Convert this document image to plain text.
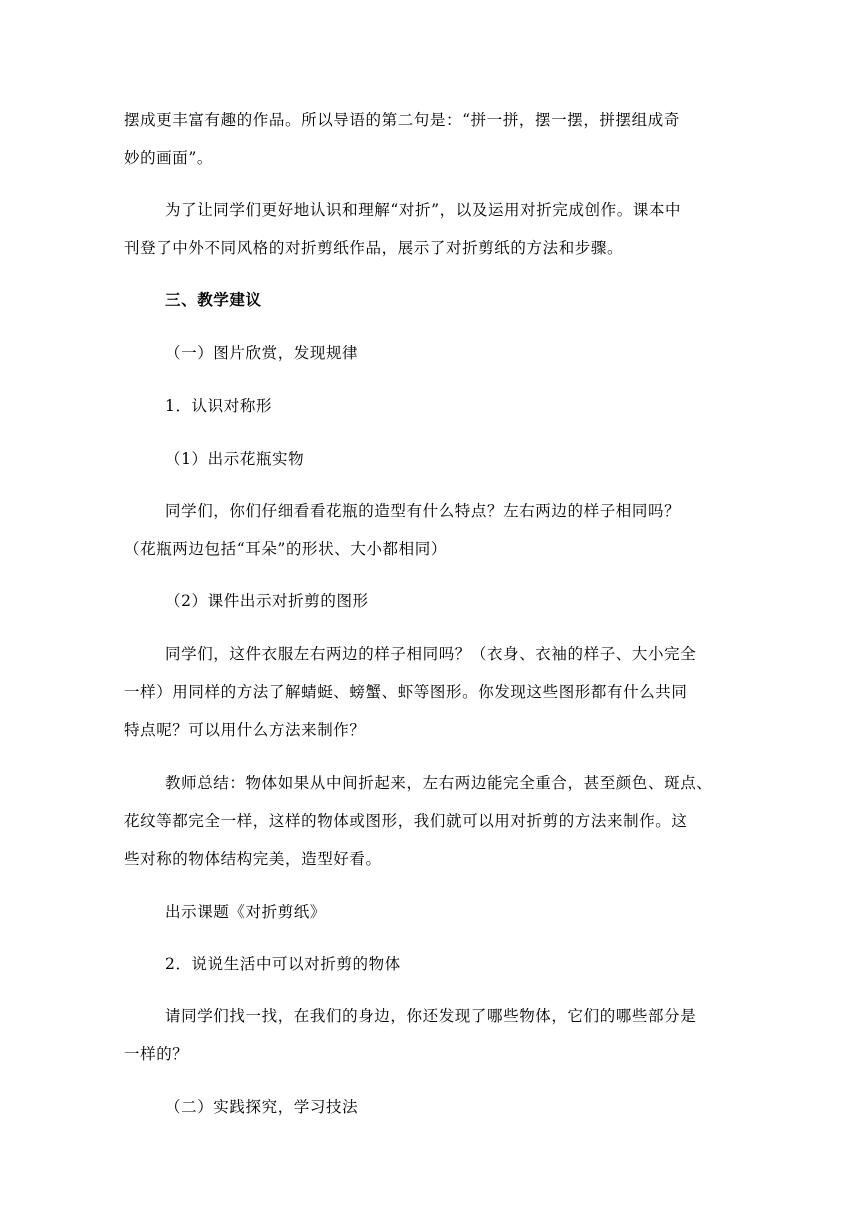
摆成更丰富有趣的作品。所以导语的第二句是：“拼一拼，摆一摆，拼摆组成奇
妙的画面”。
为了让同学们更好地认识和理解“对折”，以及运用对折完成创作。课本中
刊登了中外不同风格的对折剪纸作品，展示了对折剪纸的方法和步骤。
三、教学建议
（一）图片欣赏，发现规律
1．认识对称形
（1）出示花瓶实物
同学们，你们仔细看看花瓶的造型有什么特点？左右两边的样子相同吗？
（花瓶两边包括“耳朵”的形状、大小都相同）
（2）课件出示对折剪的图形
同学们，这件衣服左右两边的样子相同吗？（衣身、衣袖的样子、大小完全
一样）用同样的方法了解蜻蜓、螃蟹、虾等图形。你发现这些图形都有什么共同
特点呢？可以用什么方法来制作？
教师总结：物体如果从中间折起来，左右两边能完全重合，甚至颜色、斑点、
花纹等都完全一样，这样的物体或图形，我们就可以用对折剪的方法来制作。这
些对称的物体结构完美，造型好看。
出示课题《对折剪纸》
2．说说生活中可以对折剪的物体
请同学们找一找，在我们的身边，你还发现了哪些物体，它们的哪些部分是
一样的？
（二）实践探究，学习技法
